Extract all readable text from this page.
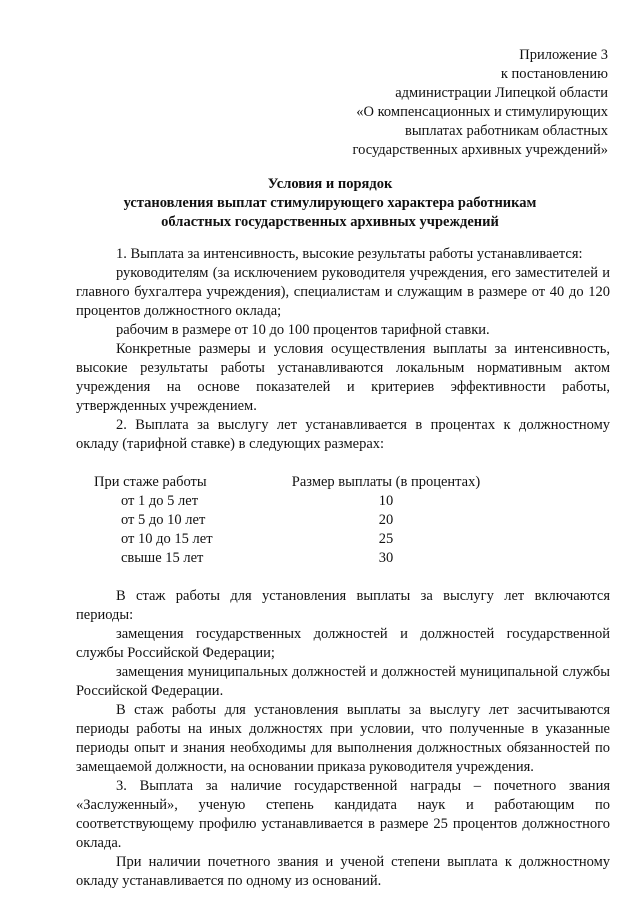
Приложение 3
к постановлению
администрации Липецкой области
«О компенсационных и стимулирующих
выплатах работникам областных
государственных архивных учреждений»
Условия и порядок
установления выплат стимулирующего характера работникам
областных государственных архивных учреждений

1. Выплата за интенсивность, высокие результаты работы устанавливается:

руководителям (за исключением руководителя учреждения, его заместителей и главного бухгалтера учреждения), специалистам и служащим в размере от 40 до 120 процентов должностного оклада;

рабочим в размере от 10 до 100 процентов тарифной ставки.

Конкретные размеры и условия осуществления выплаты за интенсивность, высокие результаты работы устанавливаются локальным нормативным актом учреждения на основе показателей и критериев эффективности работы, утвержденных учреждением.

2. Выплата за выслугу лет устанавливается в процентах к должностному окладу (тарифной ставке) в следующих размерах:

При стаже работы	Размер выплаты (в процентах)
от 1 до 5 лет	10
от 5 до 10 лет	20
от 10 до 15 лет	25
свыше 15 лет	30

В стаж работы для установления выплаты за выслугу лет включаются периоды:

замещения государственных должностей и должностей государственной службы Российской Федерации;

замещения муниципальных должностей и должностей муниципальной службы Российской Федерации.

В стаж работы для установления выплаты за выслугу лет засчитываются периоды работы на иных должностях при условии, что полученные в указанные периоды опыт и знания необходимы для выполнения должностных обязанностей по замещаемой должности, на основании приказа руководителя учреждения.

3. Выплата за наличие государственной награды – почетного звания «Заслуженный», ученую степень кандидата наук и работающим по соответствующему профилю устанавливается в размере 25 процентов должностного оклада.

При наличии почетного звания и ученой степени выплата к должностному окладу устанавливается по одному из оснований.
